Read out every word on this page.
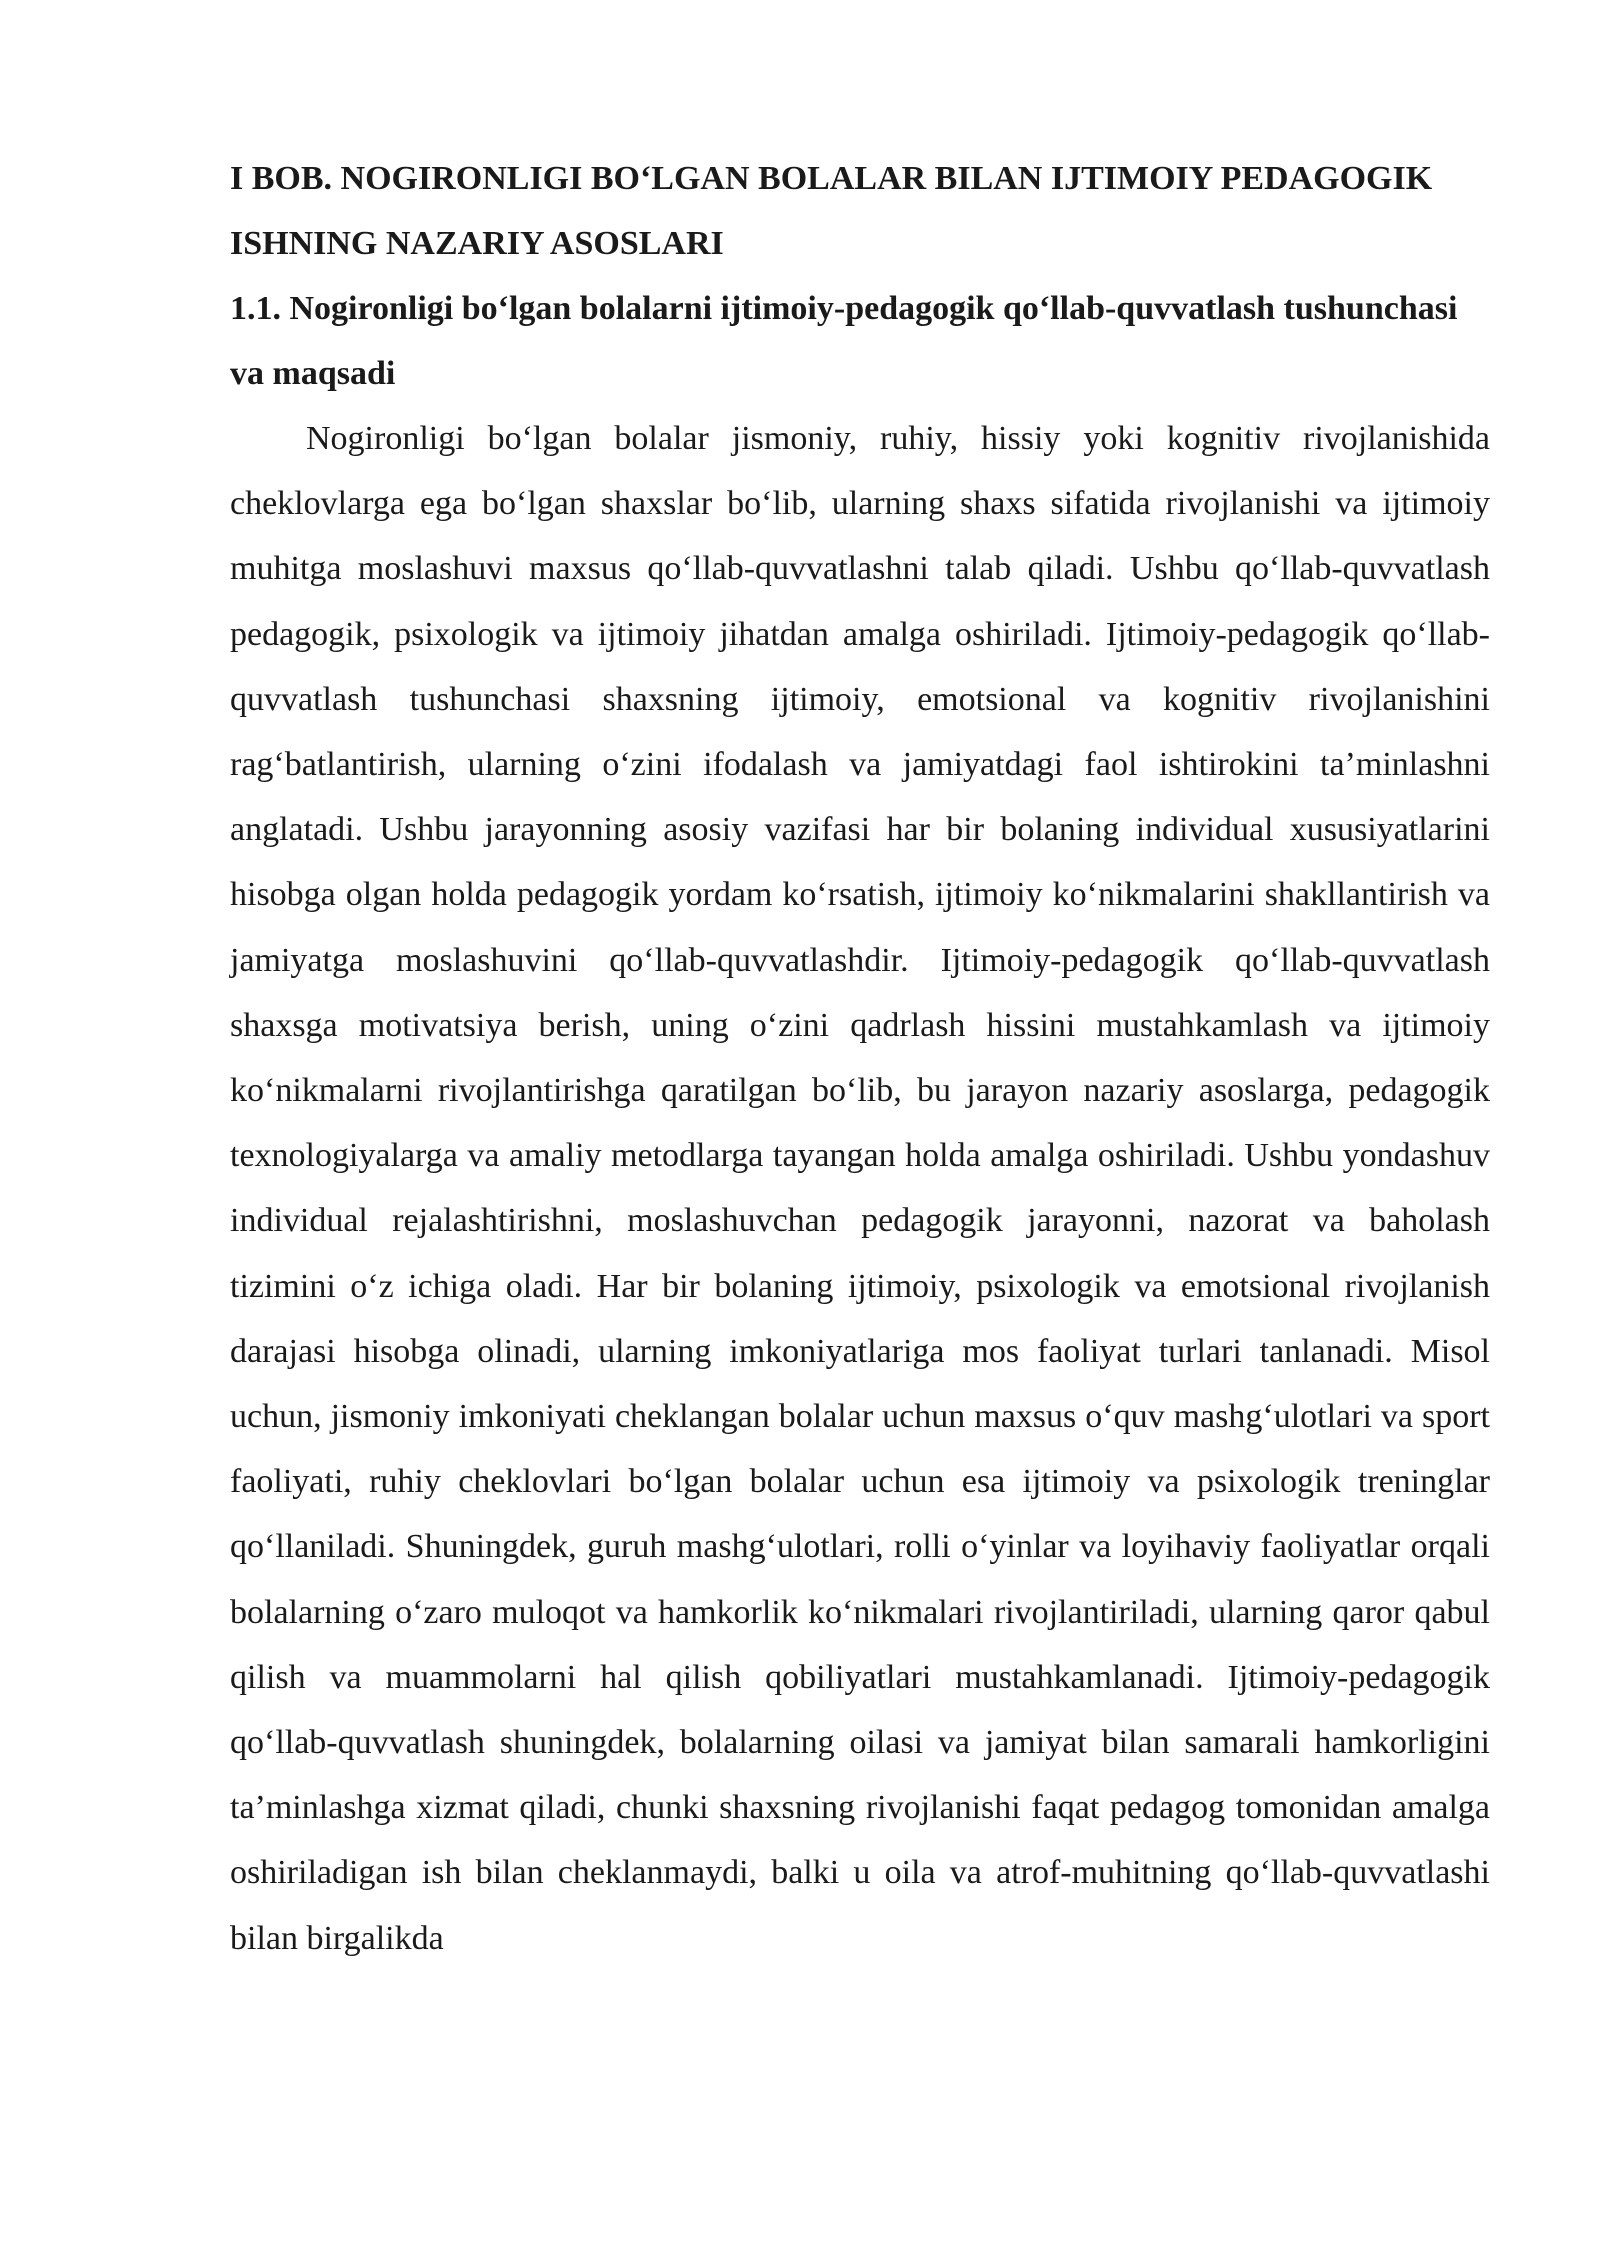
I BOB. NOGIRONLIGI BO‘LGAN BOLALAR BILAN IJTIMOIY PEDAGOGIK ISHNING NAZARIY ASOSLARI
1.1. Nogironligi bo‘lgan bolalarni ijtimoiy-pedagogik qo‘llab-quvvatlash tushunchasi va maqsadi

Nogironligi bo‘lgan bolalar jismoniy, ruhiy, hissiy yoki kognitiv rivojlanishida cheklovlarga ega bo‘lgan shaxslar bo‘lib, ularning shaxs sifatida rivojlanishi va ijtimoiy muhitga moslashuvi maxsus qo‘llab-quvvatlashni talab qiladi. Ushbu qo‘llab-quvvatlash pedagogik, psixologik va ijtimoiy jihatdan amalga oshiriladi. Ijtimoiy-pedagogik qo‘llab-quvvatlash tushunchasi shaxsning ijtimoiy, emotsional va kognitiv rivojlanishini rag‘batlantirish, ularning o‘zini ifodalash va jamiyatdagi faol ishtirokini ta’minlashni anglatadi. Ushbu jarayonning asosiy vazifasi har bir bolaning individual xususiyatlarini hisobga olgan holda pedagogik yordam ko‘rsatish, ijtimoiy ko‘nikmalarini shakllantirish va jamiyatga moslashuvini qo‘llab-quvvatlashdir. Ijtimoiy-pedagogik qo‘llab-quvvatlash shaxsga motivatsiya berish, uning o‘zini qadrlash hissini mustahkamlash va ijtimoiy ko‘nikmalarni rivojlantirishga qaratilgan bo‘lib, bu jarayon nazariy asoslarga, pedagogik texnologiyalarga va amaliy metodlarga tayangan holda amalga oshiriladi. Ushbu yondashuv individual rejalashtirishni, moslashuvchan pedagogik jarayonni, nazorat va baholash tizimini o‘z ichiga oladi. Har bir bolaning ijtimoiy, psixologik va emotsional rivojlanish darajasi hisobga olinadi, ularning imkoniyatlariga mos faoliyat turlari tanlanadi. Misol uchun, jismoniy imkoniyati cheklangan bolalar uchun maxsus o‘quv mashg‘ulotlari va sport faoliyati, ruhiy cheklovlari bo‘lgan bolalar uchun esa ijtimoiy va psixologik treninglar qo‘llaniladi. Shuningdek, guruh mashg‘ulotlari, rolli o‘yinlar va loyihaviy faoliyatlar orqali bolalarning o‘zaro muloqot va hamkorlik ko‘nikmalari rivojlantiriladi, ularning qaror qabul qilish va muammolarni hal qilish qobiliyatlari mustahkamlanadi. Ijtimoiy-pedagogik qo‘llab-quvvatlash shuningdek, bolalarning oilasi va jamiyat bilan samarali hamkorligini ta’minlashga xizmat qiladi, chunki shaxsning rivojlanishi faqat pedagog tomonidan amalga oshiriladigan ish bilan cheklanmaydi, balki u oila va atrof-muhitning qo‘llab-quvvatlashi bilan birgalikda
